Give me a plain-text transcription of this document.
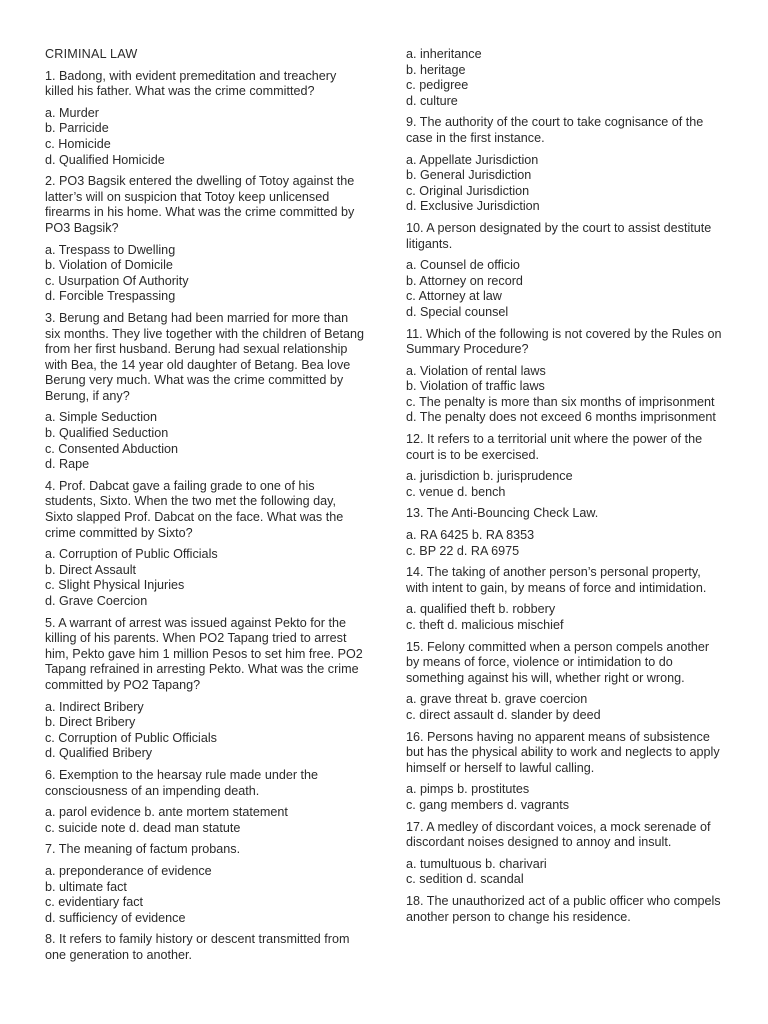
CRIMINAL LAW
1. Badong, with evident premeditation and treachery killed his father. What was the crime committed?
a. Murder
b. Parricide
c. Homicide
d. Qualified Homicide
2. PO3 Bagsik entered the dwelling of Totoy against the latter’s will on suspicion that Totoy keep unlicensed firearms in his home. What was the crime committed by PO3 Bagsik?
a. Trespass to Dwelling
b. Violation of Domicile
c. Usurpation Of Authority
d. Forcible Trespassing
3. Berung and Betang had been married for more than six months. They live together with the children of Betang from her first husband. Berung had sexual relationship with Bea, the 14 year old daughter of Betang. Bea love Berung very much. What was the crime committed by Berung, if any?
a. Simple Seduction
b. Qualified Seduction
c. Consented Abduction
d. Rape
4. Prof. Dabcat gave a failing grade to one of his students, Sixto. When the two met the following day, Sixto slapped Prof. Dabcat on the face. What was the crime committed by Sixto?
a. Corruption of Public Officials
b. Direct Assault
c. Slight Physical Injuries
d. Grave Coercion
5. A warrant of arrest was issued against Pekto for the killing of his parents. When PO2 Tapang tried to arrest him, Pekto gave him 1 million Pesos to set him free. PO2 Tapang refrained in arresting Pekto. What was the crime committed by PO2 Tapang?
a. Indirect Bribery
b. Direct Bribery
c. Corruption of Public Officials
d. Qualified Bribery
6. Exemption to the hearsay rule made under the consciousness of an impending death.
a. parol evidence b. ante mortem statement
c. suicide note d. dead man statute
7. The meaning of factum probans.
a. preponderance of evidence
b. ultimate fact
c. evidentiary fact
d. sufficiency of evidence
8. It refers to family history or descent transmitted from one generation to another.
a. inheritance
b. heritage
c. pedigree
d. culture
9. The authority of the court to take cognisance of the case in the first instance.
a. Appellate Jurisdiction
b. General Jurisdiction
c. Original Jurisdiction
d. Exclusive Jurisdiction
10. A person designated by the court to assist destitute litigants.
a. Counsel de officio
b. Attorney on record
c. Attorney at law
d. Special counsel
11. Which of the following is not covered by the Rules on Summary Procedure?
a. Violation of rental laws
b. Violation of traffic laws
c. The penalty is more than six months of imprisonment
d. The penalty does not exceed 6 months imprisonment
12. It refers to a territorial unit where the power of the court is to be exercised.
a. jurisdiction b. jurisprudence
c. venue d. bench
13. The Anti-Bouncing Check Law.
a. RA 6425 b. RA 8353
c. BP 22 d. RA 6975
14. The taking of another person’s personal property, with intent to gain, by means of force and intimidation.
a. qualified theft b. robbery
c. theft d. malicious mischief
15. Felony committed when a person compels another by means of force, violence or intimidation to do something against his will, whether right or wrong.
a. grave threat b. grave coercion
c. direct assault d. slander by deed
16. Persons having no apparent means of subsistence but has the physical ability to work and neglects to apply himself or herself to lawful calling.
a. pimps b. prostitutes
c. gang members d. vagrants
17. A medley of discordant voices, a mock serenade of discordant noises designed to annoy and insult.
a. tumultuous b. charivari
c. sedition d. scandal
18. The unauthorized act of a public officer who compels another person to change his residence.
